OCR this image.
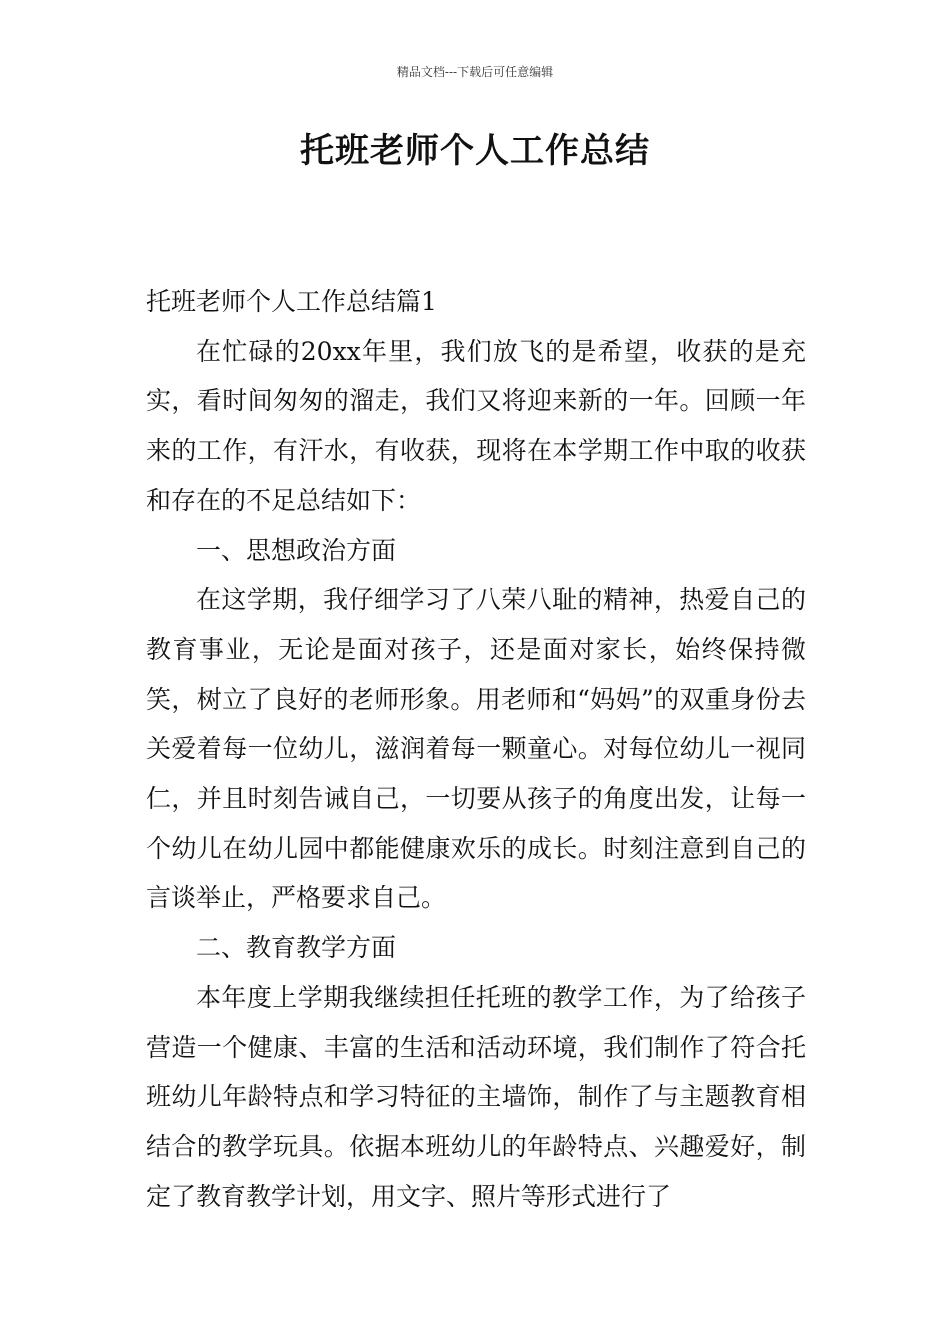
精品文档---下载后可任意编辑
托班老师个人工作总结

托班老师个人工作总结篇1

在忙碌的20xx年里，我们放飞的是希望，收获的是充实，看时间匆匆的溜走，我们又将迎来新的一年。回顾一年来的工作，有汗水，有收获，现将在本学期工作中取的收获和存在的不足总结如下：

一、思想政治方面

在这学期，我仔细学习了八荣八耻的精神，热爱自己的教育事业，无论是面对孩子，还是面对家长，始终保持微笑，树立了良好的老师形象。用老师和“妈妈”的双重身份去关爱着每一位幼儿，滋润着每一颗童心。对每位幼儿一视同仁，并且时刻告诫自己，一切要从孩子的角度出发，让每一个幼儿在幼儿园中都能健康欢乐的成长。时刻注意到自己的言谈举止，严格要求自己。

二、教育教学方面

本年度上学期我继续担任托班的教学工作，为了给孩子营造一个健康、丰富的生活和活动环境，我们制作了符合托班幼儿年龄特点和学习特征的主墙饰，制作了与主题教育相结合的教学玩具。依据本班幼儿的年龄特点、兴趣爱好，制定了教育教学计划，用文字、照片等形式进行了
